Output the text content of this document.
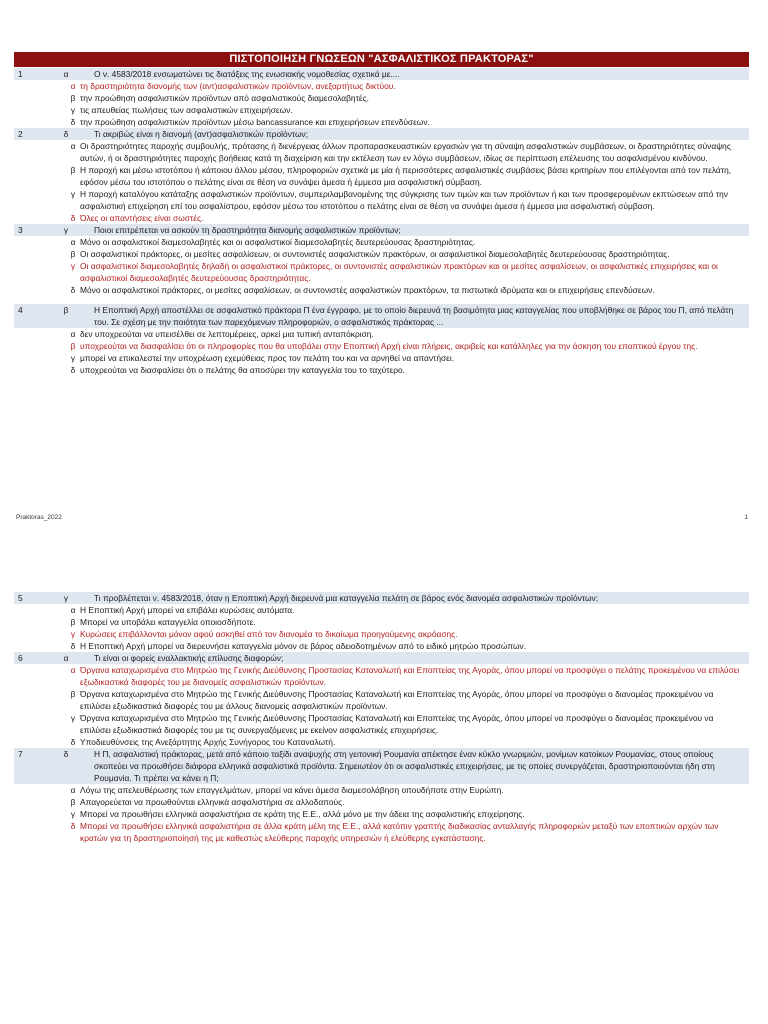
ΠΙΣΤΟΠΟΙΗΣΗ ΓΝΩΣΕΩΝ "ΑΣΦΑΛΙΣΤΙΚΟΣ ΠΡΑΚΤΟΡΑΣ"
1	α	Ο ν. 4583/2018 ενσωματώνει τις διατάξεις της ενωσιακής νομοθεσίας σχετικά με....
α τη δραστηριότητα διανομής των (αντ)ασφαλιστικών προϊόντων, ανεξαρτήτως δικτύου.
β την προώθηση ασφαλιστικών προϊόντων από ασφαλιστικούς διαμεσολαβητές.
γ τις απευθείας πωλήσεις των ασφαλιστικών επιχειρήσεων.
δ την προώθηση ασφαλιστικών προϊόντων μέσω bancassurance και επιχειρήσεων επενδύσεων.
2	δ	Τι ακριβώς είναι η διανομή (αντ)ασφαλιστικών προϊόντων;
α Οι δραστηριότητες παροχής συμβουλής, πρότασης ή διενέργειας άλλων προπαρασκευαστικών εργασιών για τη σύναψη ασφαλιστικών συμβάσεων, οι δραστηριότητες σύναψης αυτών, ή οι δραστηριότητες παροχής βοήθειας κατά τη διαχείριση και την εκτέλεση των εν λόγω συμβάσεων, ιδίως σε περίπτωση επέλευσης του ασφαλισμένου κινδύνου.
β Η παροχή και μέσω ιστοτόπου ή κάποιου άλλου μέσου, πληροφοριών σχετικά με μία ή περισσότερες ασφαλιστικές συμβάσεις βάσει κριτηρίων που επιλέγονται από τον πελάτη, εφόσον μέσω του ιστοτόπου ο πελάτης είναι σε θέση να συνάψει άμεσα ή έμμεσα μια ασφαλιστική σύμβαση.
γ Η παροχή καταλόγου κατάταξης ασφαλιστικών προϊόντων, συμπεριλαμβανομένης της σύγκρισης των τιμών και των προϊόντων ή και των προσφερομένων εκπτώσεων από την ασφαλιστική επιχείρηση επί του ασφαλίστρου, εφόσον μέσω του ιστοτόπου ο πελάτης είναι σε θέση να συνάψει άμεσα ή έμμεσα μια ασφαλιστική σύμβαση.
δ Όλες οι απαντήσεις είναι σωστές.
3	γ	Ποιοι επιτρέπεται να ασκούν τη δραστηριότητα διανομής ασφαλιστικών προϊόντων;
α Μόνο οι ασφαλιστικοί διαμεσολαβητές και οι ασφαλιστικοί διαμεσολαβητές δευτερεύουσας δραστηριότητας.
β Οι ασφαλιστικοί πράκτορες, οι μεσίτες ασφαλίσεων, οι συντονιστές ασφαλιστικών πρακτόρων, οι ασφαλιστικοί διαμεσολαβητές δευτερεύουσας δραστηριότητας.
γ Οι ασφαλιστικοί διαμεσολαβητές δηλαδή οι ασφαλιστικοί πράκτορες, οι συντονιστές ασφαλιστικών πρακτόρων και οι μεσίτες ασφαλίσεων, οι ασφαλιστικές επιχειρήσεις και οι ασφαλιστικοί διαμεσολαβητές δευτερεύουσας δραστηριότητας.
δ Μόνο οι ασφαλιστικοί πράκτορες, οι μεσίτες ασφαλίσεων, οι συντονιστές ασφαλιστικών πρακτόρων, τα πιστωτικά ιδρύματα και οι επιχειρήσεις επενδύσεων.
4	β	Η Εποπτική Αρχή αποστέλλει σε ασφαλιστικό πράκτορα Π ένα έγγραφο, με το οποίο διερευνά τη βασιμότητα μιας καταγγελίας που υποβλήθηκε σε βάρος του Π, από πελάτη του. Σε σχέση με την ποιότητα των παρεχόμενων πληροφοριών, ο ασφαλιστικός πράκτορας ...
α δεν υποχρεούται να υπεισέλθει σε λεπτομέρειες, αρκεί μια τυπική ανταπόκριση.
β υποχρεούται να διασφαλίσει ότι οι πληροφορίες που θα υποβάλει στην Εποπτική Αρχή είναι πλήρεις, ακριβείς και κατάλληλες για την άσκηση του εποπτικού έργου της.
γ μπορεί να επικαλεστεί την υποχρέωση εχεμύθειας προς τον πελάτη του και να αρνηθεί να απαντήσει.
δ υποχρεούται να διασφαλίσει ότι ο πελάτης θα αποσύρει την καταγγελία του το ταχύτερο.
Praktoras_2022	1
5	γ	Τι προβλέπεται ν. 4583/2018, όταν η Εποπτική Αρχή διερευνά μια καταγγελία πελάτη σε βάρος ενός διανομέα ασφαλιστικών προϊόντων;
α Η Εποπτική Αρχή μπορεί να επιβάλει κυρώσεις αυτόματα.
β Μπορεί να υποβάλει καταγγελία οποιοσδήποτε.
γ Κυρώσεις επιβάλλονται μόνον αφού ασκηθεί από τον διανομέα το δικαίωμα προηγούμενης ακρόασης.
δ Η Εποπτική Αρχή μπορεί να διερευνήσει καταγγελία μόνον σε βάρος αδειοδοτημένων από το ειδικό μητρώο προσώπων.
6	α	Τι είναι οι φορείς εναλλακτικής επίλυσης διαφορών;
α Όργανα καταχωρισμένα στο Μητρώο της Γενικής Διεύθυνσης Προστασίας Καταναλωτή και Εποπτείας της Αγοράς, όπου μπορεί να προσφύγει ο πελάτης προκειμένου να επιλύσει εξωδικαστικά διαφορές του με διανομείς ασφαλιστικών προϊόντων.
β Όργανα καταχωρισμένα στο Μητρώο της Γενικής Διεύθυνσης Προστασίας Καταναλωτή και Εποπτείας της Αγοράς, όπου μπορεί να προσφύγει ο διανομέας προκειμένου να επιλύσει εξωδικαστικά διαφορές του με άλλους διανομείς ασφαλιστικών προϊόντων.
γ Όργανα καταχωρισμένα στο Μητρώο της Γενικής Διεύθυνσης Προστασίας Καταναλωτή και Εποπτείας της Αγοράς, όπου μπορεί να προσφύγει ο διανομέας προκειμένου να επιλύσει εξωδικαστικά διαφορές του με τις συνεργαζόμενες με εκείνον ασφαλιστικές επιχειρήσεις.
δ Υποδιευθύνσεις της Ανεξάρτητης Αρχής Συνήγορος του Καταναλωτή.
7	δ	Η Π, ασφαλιστική πράκτορας, μετά από κάποιο ταξίδι αναψυχής στη γειτονική Ρουμανία απέκτησε έναν κύκλο γνωριμιών, μονίμων κατοίκων Ρουμανίας, στους οποίους σκοπεύει να προωθήσει διάφορα ελληνικά ασφαλιστικά προϊόντα. Σημειωτέον ότι οι ασφαλιστικές επιχειρήσεις, με τις οποίες συνεργάζεται, δραστηριοποιούνται ήδη στη Ρουμανία. Τι πρέπει να κάνει η Π;
α Λόγω της απελευθέρωσης των επαγγελμάτων, μπορεί να κάνει άμεσα διαμεσολάβηση οπουδήποτε στην Ευρώπη.
β Απαγορεύεται να προωθούνται ελληνικά ασφαλιστήρια σε αλλοδαπούς.
γ Μπορεί να προωθήσει ελληνικά ασφαλιστήρια σε κράτη της Ε.Ε., αλλά μόνο με την άδεια της ασφαλιστικής επιχείρησης.
δ Μπορεί να προωθήσει ελληνικά ασφαλιστήρια σε άλλα κράτη μέλη της Ε.Ε., αλλά κατόπιν γραπτής διαδικασίας ανταλλαγής πληροφοριών μεταξύ των εποπτικών αρχών των κρατών για τη δραστηριοποίησή της με καθεστώς ελεύθερης παροχής υπηρεσιών ή ελεύθερης εγκατάστασης.
